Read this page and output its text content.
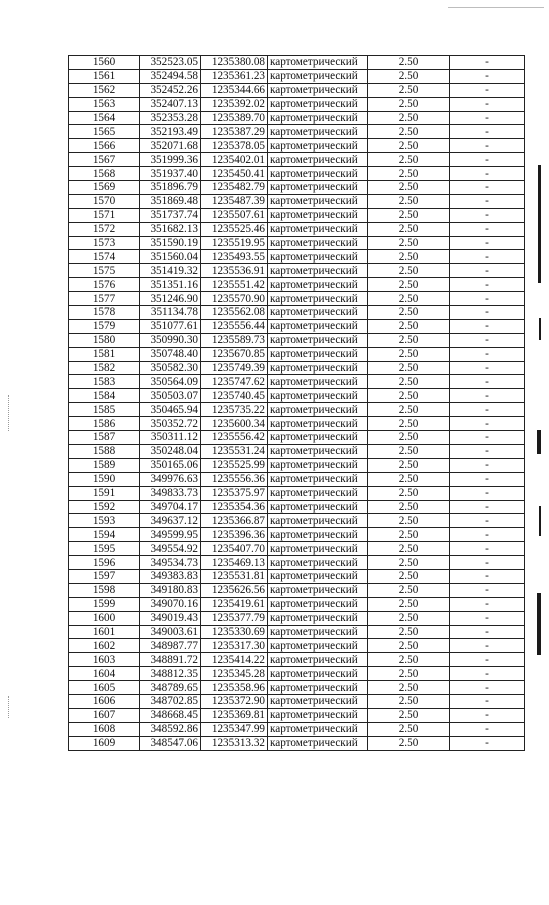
1560	352523.05	1235380.08	картометрический	2.50	-
1561	352494.58	1235361.23	картометрический	2.50	-
1562	352452.26	1235344.66	картометрический	2.50	-
1563	352407.13	1235392.02	картометрический	2.50	-
1564	352353.28	1235389.70	картометрический	2.50	-
1565	352193.49	1235387.29	картометрический	2.50	-
1566	352071.68	1235378.05	картометрический	2.50	-
1567	351999.36	1235402.01	картометрический	2.50	-
1568	351937.40	1235450.41	картометрический	2.50	-
1569	351896.79	1235482.79	картометрический	2.50	-
1570	351869.48	1235487.39	картометрический	2.50	-
1571	351737.74	1235507.61	картометрический	2.50	-
1572	351682.13	1235525.46	картометрический	2.50	-
1573	351590.19	1235519.95	картометрический	2.50	-
1574	351560.04	1235493.55	картометрический	2.50	-
1575	351419.32	1235536.91	картометрический	2.50	-
1576	351351.16	1235551.42	картометрический	2.50	-
1577	351246.90	1235570.90	картометрический	2.50	-
1578	351134.78	1235562.08	картометрический	2.50	-
1579	351077.61	1235556.44	картометрический	2.50	-
1580	350990.30	1235589.73	картометрический	2.50	-
1581	350748.40	1235670.85	картометрический	2.50	-
1582	350582.30	1235749.39	картометрический	2.50	-
1583	350564.09	1235747.62	картометрический	2.50	-
1584	350503.07	1235740.45	картометрический	2.50	-
1585	350465.94	1235735.22	картометрический	2.50	-
1586	350352.72	1235600.34	картометрический	2.50	-
1587	350311.12	1235556.42	картометрический	2.50	-
1588	350248.04	1235531.24	картометрический	2.50	-
1589	350165.06	1235525.99	картометрический	2.50	-
1590	349976.63	1235556.36	картометрический	2.50	-
1591	349833.73	1235375.97	картометрический	2.50	-
1592	349704.17	1235354.36	картометрический	2.50	-
1593	349637.12	1235366.87	картометрический	2.50	-
1594	349599.95	1235396.36	картометрический	2.50	-
1595	349554.92	1235407.70	картометрический	2.50	-
1596	349534.73	1235469.13	картометрический	2.50	-
1597	349383.83	1235531.81	картометрический	2.50	-
1598	349180.83	1235626.56	картометрический	2.50	-
1599	349070.16	1235419.61	картометрический	2.50	-
1600	349019.43	1235377.79	картометрический	2.50	-
1601	349003.61	1235330.69	картометрический	2.50	-
1602	348987.77	1235317.30	картометрический	2.50	-
1603	348891.72	1235414.22	картометрический	2.50	-
1604	348812.35	1235345.28	картометрический	2.50	-
1605	348789.65	1235358.96	картометрический	2.50	-
1606	348702.85	1235372.90	картометрический	2.50	-
1607	348668.45	1235369.81	картометрический	2.50	-
1608	348592.86	1235347.99	картометрический	2.50	-
1609	348547.06	1235313.32	картометрический	2.50	-
